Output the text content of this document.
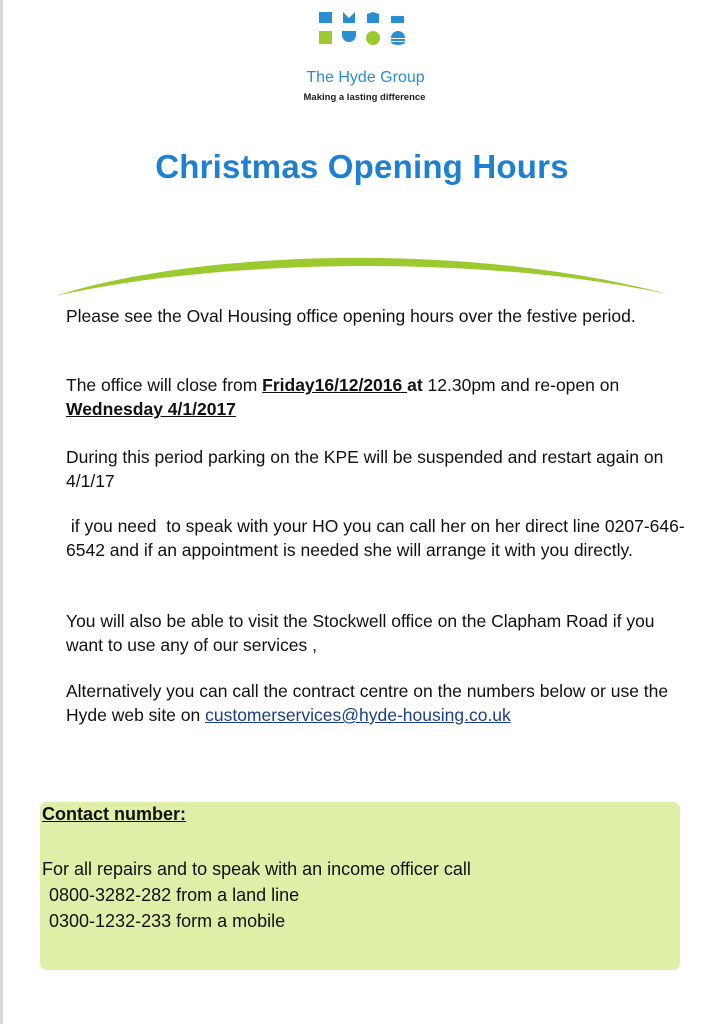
The Hyde Group
Making a lasting difference
Christmas Opening Hours
Please see the Oval Housing office opening hours over the festive period.
The office will close from Friday16/12/2016 at 12.30pm and re-open on Wednesday 4/1/2017
During this period parking on the KPE will be suspended and restart again on 4/1/17
if you need  to speak with your HO you can call her on her direct line 0207-646-6542 and if an appointment is needed she will arrange it with you directly.
You will also be able to visit the Stockwell office on the Clapham Road if you want to use any of our services ,
Alternatively you can call the contract centre on the numbers below or use the Hyde web site on customerservices@hyde-housing.co.uk
Contact number:
For all repairs and to speak with an income officer call
0800-3282-282 from a land line
0300-1232-233 form a mobile
